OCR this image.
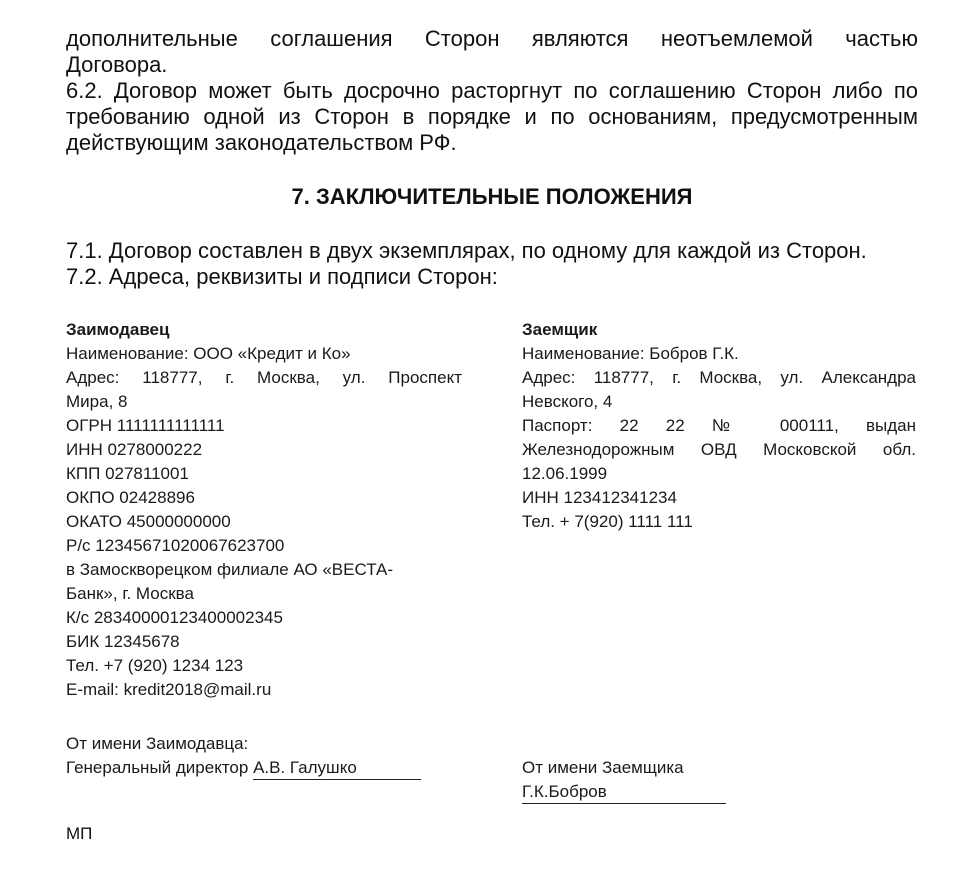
дополнительные соглашения Сторон являются неотъемлемой частью
Договора.
6.2. Договор может быть досрочно расторгнут по соглашению Сторон либо по
требованию одной из Сторон в порядке и по основаниям, предусмотренным
действующим законодательством РФ.
7. ЗАКЛЮЧИТЕЛЬНЫЕ ПОЛОЖЕНИЯ
7.1. Договор составлен в двух экземплярах, по одному для каждой из Сторон.
7.2. Адреса, реквизиты и подписи Сторон:
Заимодавец
Наименование: ООО «Кредит и Ко»
Адрес: 118777, г. Москва, ул. Проспект
Мира, 8
ОГРН 1111111111111
ИНН 0278000222
КПП 027811001
ОКПО 02428896
ОКАТО 45000000000
Р/с 12345671020067623700
в Замоскворецком филиале АО «ВЕСТА-
Банк», г. Москва
К/с 28340000123400002345
БИК 12345678
Тел. +7 (920) 1234 123
E-mail: kredit2018@mail.ru
Заемщик
Наименование: Бобров Г.К.
Адрес: 118777, г. Москва, ул. Александра
Невского, 4
Паспорт: 22 22 № 000111, выдан
Железнодорожным ОВД Московской обл.
12.06.1999
ИНН 123412341234
Тел. + 7(920) 1111 111
От имени Заимодавца:
Генеральный директор А.В. Галушко	От имени Заемщика
Г.К.Бобров
МП
